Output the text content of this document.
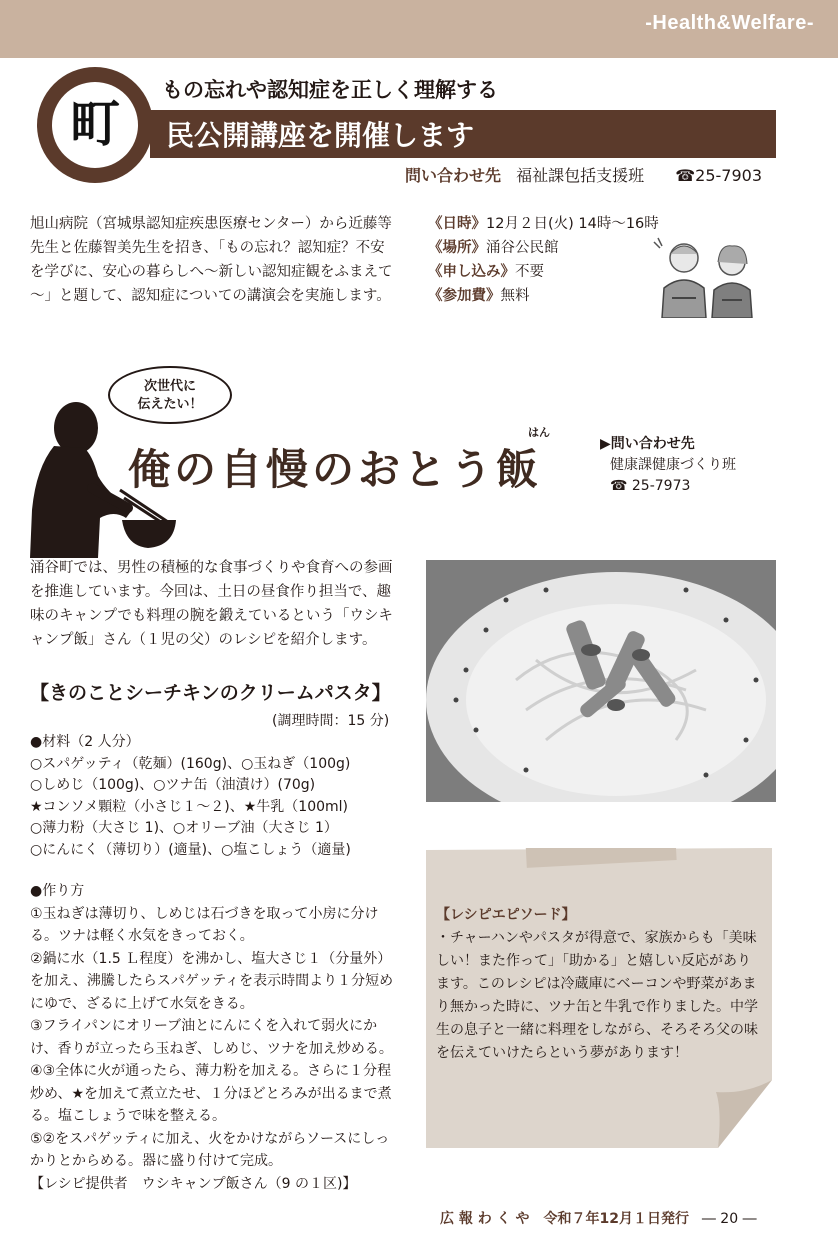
-Health&Welfare-
町
もの忘れや認知症を正しく理解する
民公開講座を開催します
問い合わせ先 福祉課包括支援班 ☎25-7903
旭山病院（宮城県認知症疾患医療センター）から近藤等先生と佐藤智美先生を招き、「もの忘れ？認知症？不安を学びに、安心の暮らしへ～新しい認知症観をふまえて～」と題して、認知症についての講演会を実施します。
《日時》12月２日(火) 14時～16時
《場所》涌谷公民館
《申し込み》不要
《参加費》無料
次世代に
伝えたい！
はん
俺の自慢のおとう飯
▶問い合わせ先
健康課健康づくり班
☎ 25-7973
涌谷町では、男性の積極的な食事づくりや食育への参画を推進しています。今回は、土日の昼食作り担当で、趣味のキャンプでも料理の腕を鍛えているという「ウシキャンプ飯」さん（１児の父）のレシピを紹介します。
【きのことシーチキンのクリームパスタ】
(調理時間：15 分)
●材料（2 人分）
○スパゲッティ（乾麺）(160g)、○玉ねぎ（100g)
○しめじ（100g)、○ツナ缶（油漬け）(70g)
★コンソメ顆粒（小さじ１～２)、★牛乳（100ml)
○薄力粉（大さじ 1)、○オリーブ油（大さじ 1）
○にんにく（薄切り）(適量)、○塩こしょう（適量)
●作り方
①玉ねぎは薄切り、しめじは石づきを取って小房に分ける。ツナは軽く水気をきっておく。
②鍋に水（1.5 Ｌ程度）を沸かし、塩大さじ１（分量外）を加え、沸騰したらスパゲッティを表示時間より１分短めにゆで、ざるに上げて水気をきる。
③フライパンにオリーブ油とにんにくを入れて弱火にかけ、香りが立ったら玉ねぎ、しめじ、ツナを加え炒める。
④③全体に火が通ったら、薄力粉を加える。さらに１分程炒め、★を加えて煮立たせ、１分ほどとろみが出るまで煮る。塩こしょうで味を整える。
⑤②をスパゲッティに加え、火をかけながらソースにしっかりとからめる。器に盛り付けて完成。
【レシピ提供者　ウシキャンプ飯さん（9 の１区)】
【レシピエピソード】
・チャーハンやパスタが得意で、家族からも「美味しい！また作って」「助かる」と嬉しい反応があります。このレシピは冷蔵庫にベーコンや野菜があまり無かった時に、ツナ缶と牛乳で作りました。中学生の息子と一緒に料理をしながら、そろそろ父の味を伝えていけたらという夢があります！
広 報 わ く や　令和７年12月１日発行 ― 20 ―
